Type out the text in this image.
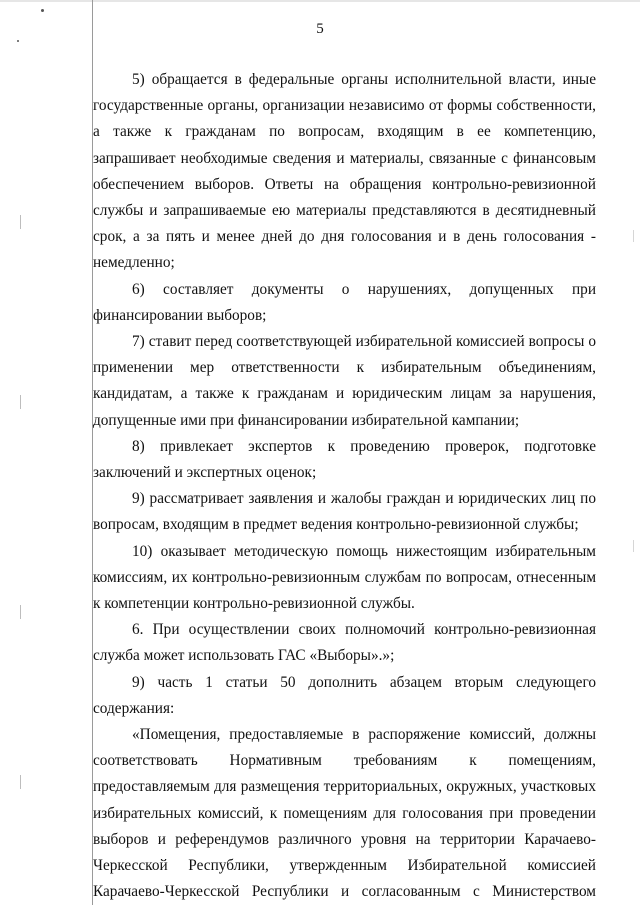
5

5) обращается в федеральные органы исполнительной власти, иные государственные органы, организации независимо от формы собственности, а также к гражданам по вопросам, входящим в ее компетенцию, запрашивает необходимые сведения и материалы, связанные с финансовым обеспечением выборов. Ответы на обращения контрольно-ревизионной службы и запрашиваемые ею материалы представляются в десятидневный срок, а за пять и менее дней до дня голосования и в день голосования - немедленно;

6) составляет документы о нарушениях, допущенных при финансировании выборов;

7) ставит перед соответствующей избирательной комиссией вопросы о применении мер ответственности к избирательным объединениям, кандидатам, а также к гражданам и юридическим лицам за нарушения, допущенные ими при финансировании избирательной кампании;

8) привлекает экспертов к проведению проверок, подготовке заключений и экспертных оценок;

9) рассматривает заявления и жалобы граждан и юридических лиц по вопросам, входящим в предмет ведения контрольно-ревизионной службы;

10) оказывает методическую помощь нижестоящим избирательным комиссиям, их контрольно-ревизионным службам по вопросам, отнесенным к компетенции контрольно-ревизионной службы.

6. При осуществлении своих полномочий контрольно-ревизионная служба может использовать ГАС «Выборы».»;

9) часть 1 статьи 50 дополнить абзацем вторым следующего содержания:

«Помещения, предоставляемые в распоряжение комиссий, должны соответствовать Нормативным требованиям к помещениям, предоставляемым для размещения территориальных, окружных, участковых избирательных комиссий, к помещениям для голосования при проведении выборов и референдумов различного уровня на территории Карачаево-Черкесской Республики, утвержденным Избирательной комиссией Карачаево-Черкесской Республики и согласованным с Министерством
